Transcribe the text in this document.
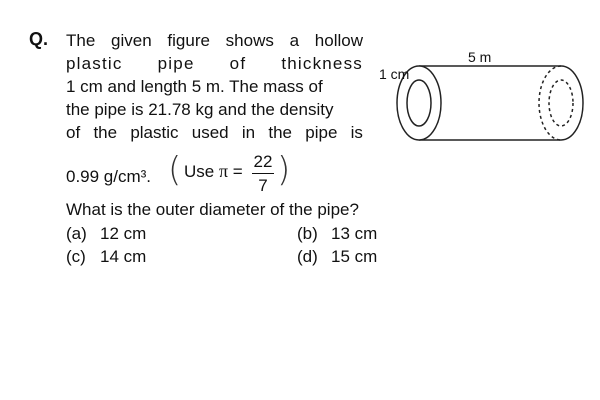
Q. The given figure shows a hollow
plastic pipe of thickness
1 cm and length 5 m. The mass of
the pipe is 21.78 kg and the density
of the plastic used in the pipe is
0.99 g/cm³. ( Use π =
22
7 )
What is the outer diameter of the pipe?
(a) 12 cm	(b) 13 cm
(c) 14 cm	(d) 15 cm
5 m
1 cm
